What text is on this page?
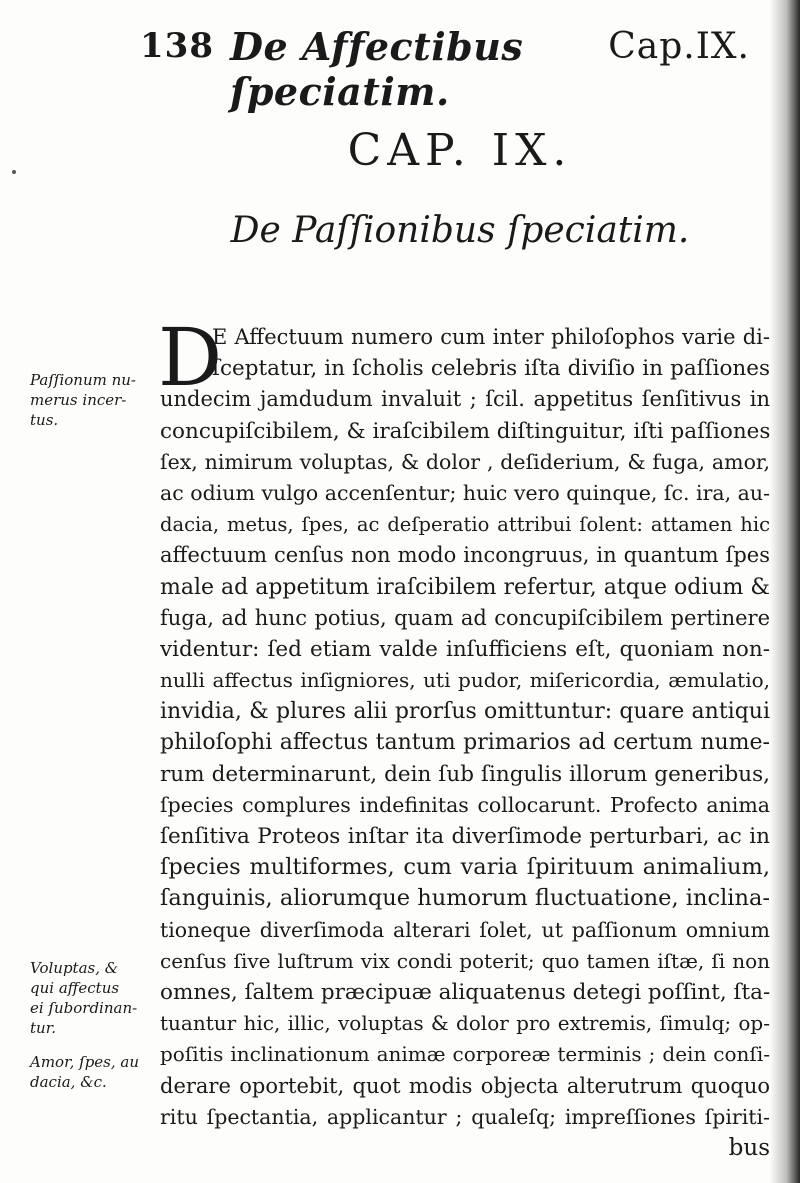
138 De Affectibus ſpeciatim.
Cap.IX.
CAP. IX.
De Paſſionibus ſpeciatim.
D
E Affectuum numero cum inter philoſophos varie di-
ſceptatur, in ſcholis celebris iſta diviſio in paſſiones
undecim jamdudum invaluit ; ſcil. appetitus ſenſitivus in
concupiſcibilem, & iraſcibilem diſtinguitur, iſti paſſiones
ſex, nimirum voluptas, & dolor , deſiderium, & fuga, amor,
ac odium vulgo accenſentur; huic vero quinque, ſc. ira, au-
dacia, metus, ſpes, ac deſperatio attribui ſolent: attamen hic
affectuum cenſus non modo incongruus, in quantum ſpes
male ad appetitum iraſcibilem refertur, atque odium &
fuga, ad hunc potius, quam ad concupiſcibilem pertinere
videntur: ſed etiam valde inſufficiens eſt, quoniam non-
nulli affectus inſigniores, uti pudor, miſericordia, æmulatio,
invidia, & plures alii prorſus omittuntur: quare antiqui
philoſophi affectus tantum primarios ad certum nume-
rum determinarunt, dein ſub ſingulis illorum generibus,
ſpecies complures indefinitas collocarunt. Profecto anima
ſenſitiva Proteos inſtar ita diverſimode perturbari, ac in
ſpecies multiformes, cum varia ſpirituum animalium,
ſanguinis, aliorumque humorum fluctuatione, inclina-
tioneque diverſimoda alterari ſolet, ut paſſionum omnium
cenſus ſive luſtrum vix condi poterit; quo tamen iſtæ, ſi non
omnes, ſaltem præcipuæ aliquatenus detegi poſſint, ſta-
tuantur hic, illic, voluptas & dolor pro extremis, ſimulq; op-
poſitis inclinationum animæ corporeæ terminis ; dein conſi-
derare oportebit, quot modis objecta alterutrum quoquo
ritu ſpectantia, applicantur ; qualeſq; impreſſiones ſpiriti-
bus
Paſſionum nu-
merus incer-
tus.
Voluptas, &
qui affectus
ei ſubordinan-
tur.
Amor, ſpes, au
dacia, &c.
